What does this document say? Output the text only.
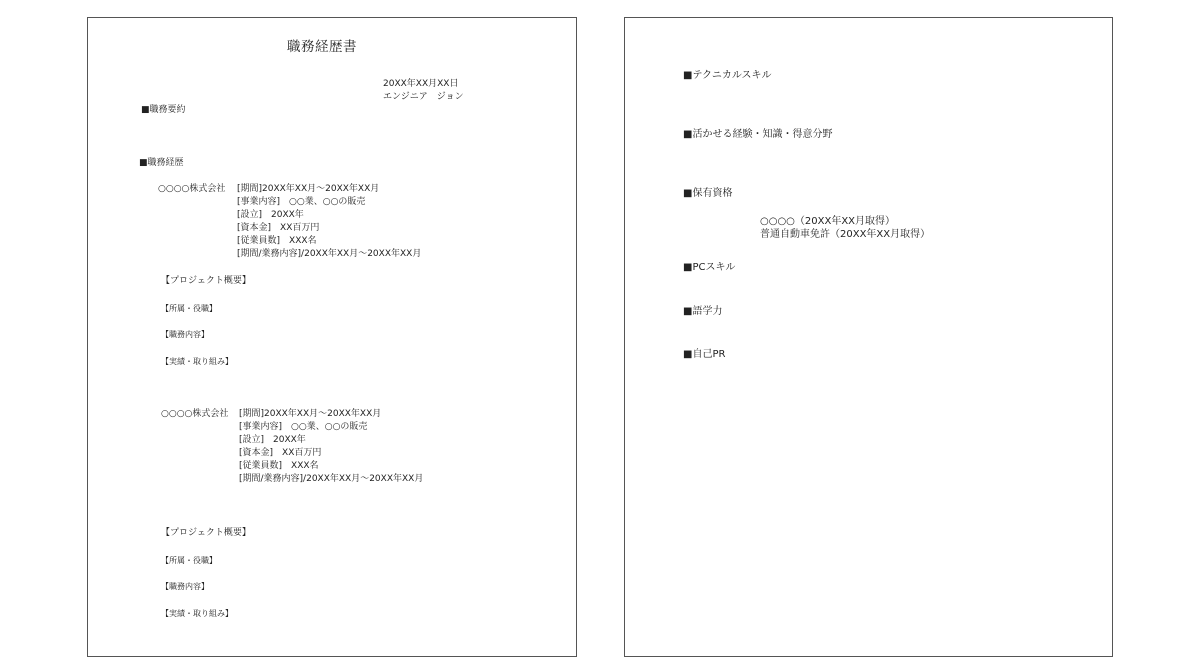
職務経歴書
20XX年XX月XX日
エンジニア　ジョン
■職務要約
■職務経歴
○○○○株式会社 [期間]20XX年XX月～20XX年XX月
[事業内容]　○○業、○○の販売
[設立]　20XX年
[資本金]　XX百万円
[従業員数]　XXX名
[期間/業務内容]/20XX年XX月～20XX年XX月
【プロジェクト概要】
【所属・役職】
【職務内容】
【実績・取り組み】
○○○○株式会社 [期間]20XX年XX月～20XX年XX月
[事業内容]　○○業、○○の販売
[設立]　20XX年
[資本金]　XX百万円
[従業員数]　XXX名
[期間/業務内容]/20XX年XX月～20XX年XX月
【プロジェクト概要】
【所属・役職】
【職務内容】
【実績・取り組み】
■テクニカルスキル
■活かせる経験・知識・得意分野
■保有資格
○○○○（20XX年XX月取得）
普通自動車免許（20XX年XX月取得）
■PCスキル
■語学力
■自己PR
